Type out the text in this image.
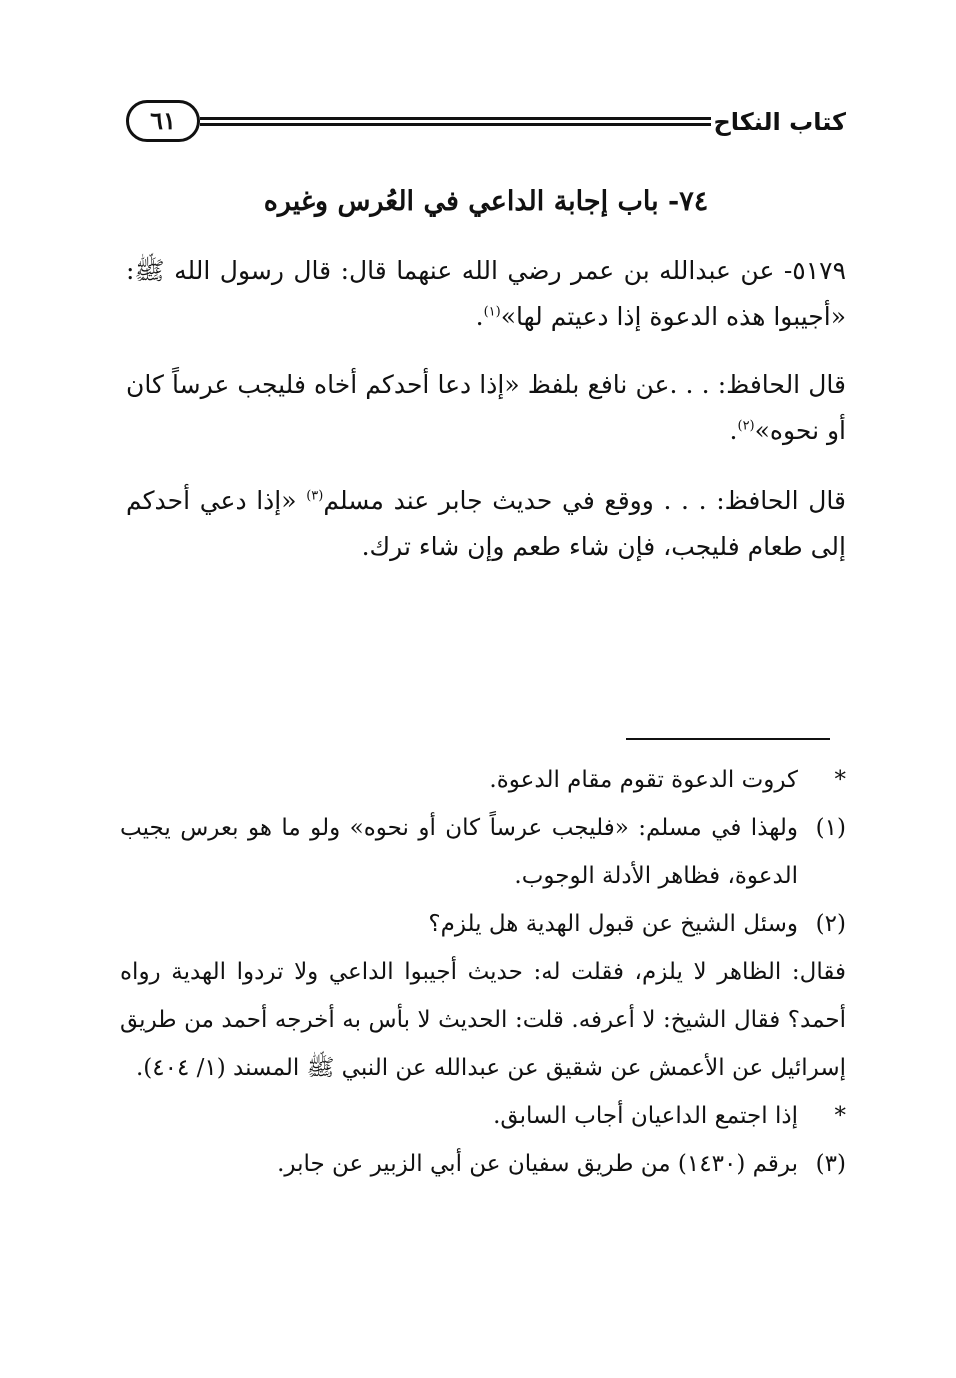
كتاب النكاح
٦١
٧٤- باب إجابة الداعي في العُرس وغيره
٥١٧٩- عن عبدالله بن عمر رضي الله عنهما قال: قال رسول الله ﷺ: «أجيبوا هذه الدعوة إذا دعيتم لها»$^{(١)}$.
قال الحافظ: . . .عن نافع بلفظ «إذا دعا أحدكم أخاه فليجب عرساً كان أو نحوه»$^{(٢)}$.
قال الحافظ: . . . ووقع في حديث جابر عند مسلم$^{(٣)}$ «إذا دعي أحدكم إلى طعام فليجب، فإن شاء طعم وإن شاء ترك.
*
كروت الدعوة تقوم مقام الدعوة.
(١)
ولهذا في مسلم: «فليجب عرساً كان أو نحوه» ولو ما هو بعرس يجيب الدعوة، فظاهر الأدلة الوجوب.
(٢)
وسئل الشيخ عن قبول الهدية هل يلزم؟
فقال: الظاهر لا يلزم، فقلت له: حديث أجيبوا الداعي ولا تردوا الهدية رواه أحمد؟ فقال الشيخ: لا أعرفه. قلت: الحديث لا بأس به أخرجه أحمد من طريق إسرائيل عن الأعمش عن شقيق عن عبدالله عن النبي ﷺ المسند (١/ ٤٠٤).
*
إذا اجتمع الداعيان أجاب السابق.
(٣)
برقم (١٤٣٠) من طريق سفيان عن أبي الزبير عن جابر.
